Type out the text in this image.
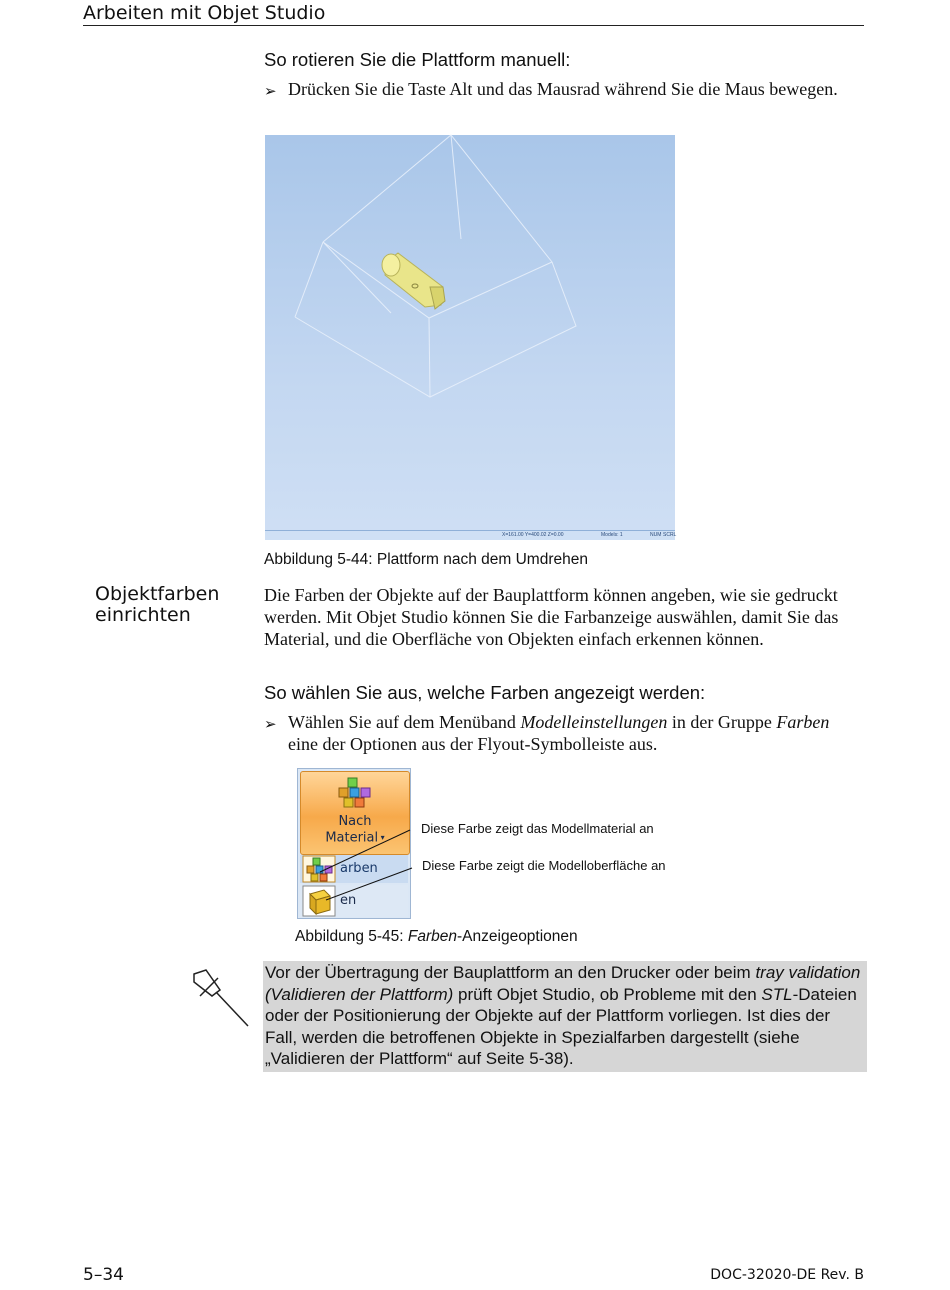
Arbeiten mit Objet Studio
So rotieren Sie die Plattform manuell:
➢ Drücken Sie die Taste Alt und das Mausrad während Sie die Maus bewegen.
X=161.00 Y=400.02 Z=0.00	Models: 1	NUM SCRL
Abbildung 5-44: Plattform nach dem Umdrehen
Objektfarben
einrichten
Die Farben der Objekte auf der Bauplattform können angeben, wie sie gedruckt werden. Mit Objet Studio können Sie die Farbanzeige auswählen, damit Sie das Material, und die Oberfläche von Objekten einfach erkennen können.
So wählen Sie aus, welche Farben angezeigt werden:
➢ Wählen Sie auf dem Menüband Modelleinstellungen in der Gruppe Farben eine der Optionen aus der Flyout-Symbolleiste aus.
Nach
Material ▾
arben
en
Diese Farbe zeigt das Modellmaterial an
Diese Farbe zeigt die Modelloberfläche an
Abbildung 5-45: Farben-Anzeigeoptionen
Vor der Übertragung der Bauplattform an den Drucker oder beim tray validation (Validieren der Plattform) prüft Objet Studio, ob Probleme mit den STL-Dateien oder der Positionierung der Objekte auf der Plattform vorliegen. Ist dies der Fall, werden die betroffenen Objekte in Spezialfarben dargestellt (siehe „Validieren der Plattform“ auf Seite 5-38).
5–34	DOC-32020-DE Rev. B
